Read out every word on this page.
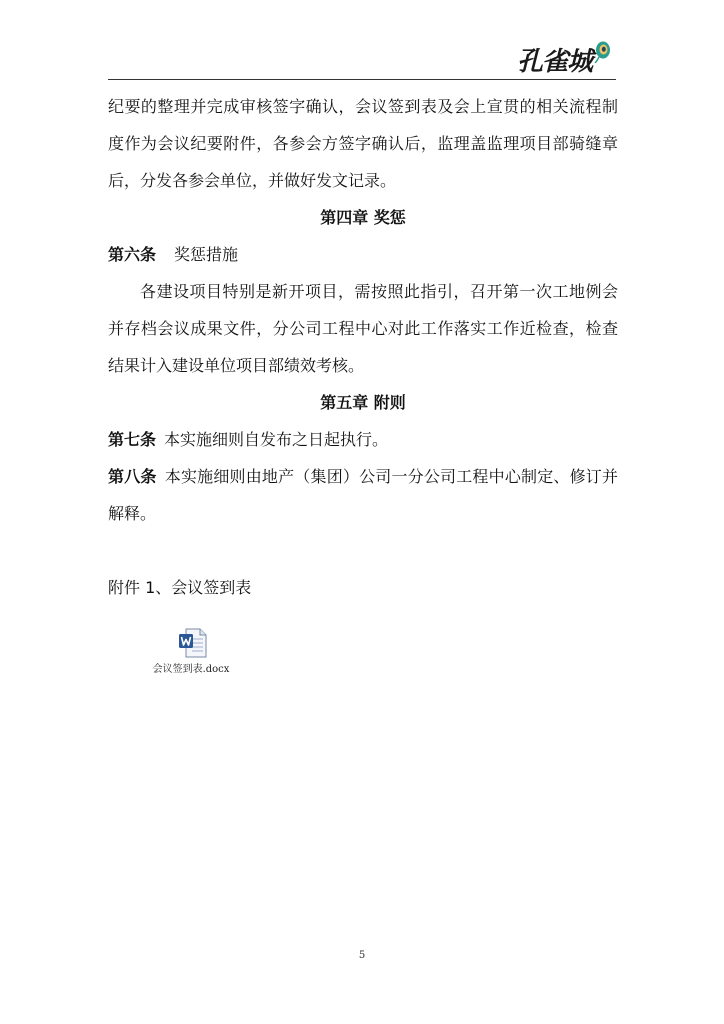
孔雀城

纪要的整理并完成审核签字确认，会议签到表及会上宣贯的相关流程制度作为会议纪要附件，各参会方签字确认后，监理盖监理项目部骑缝章后，分发各参会单位，并做好发文记录。

第四章 奖惩

第六条 奖惩措施

各建设项目特别是新开项目，需按照此指引，召开第一次工地例会并存档会议成果文件，分公司工程中心对此工作落实工作近检查，检查结果计入建设单位项目部绩效考核。

第五章 附则

第七条 本实施细则自发布之日起执行。

第八条 本实施细则由地产（集团）公司一分公司工程中心制定、修订并解释。

附件 1、会议签到表

会议签到表.docx
5
